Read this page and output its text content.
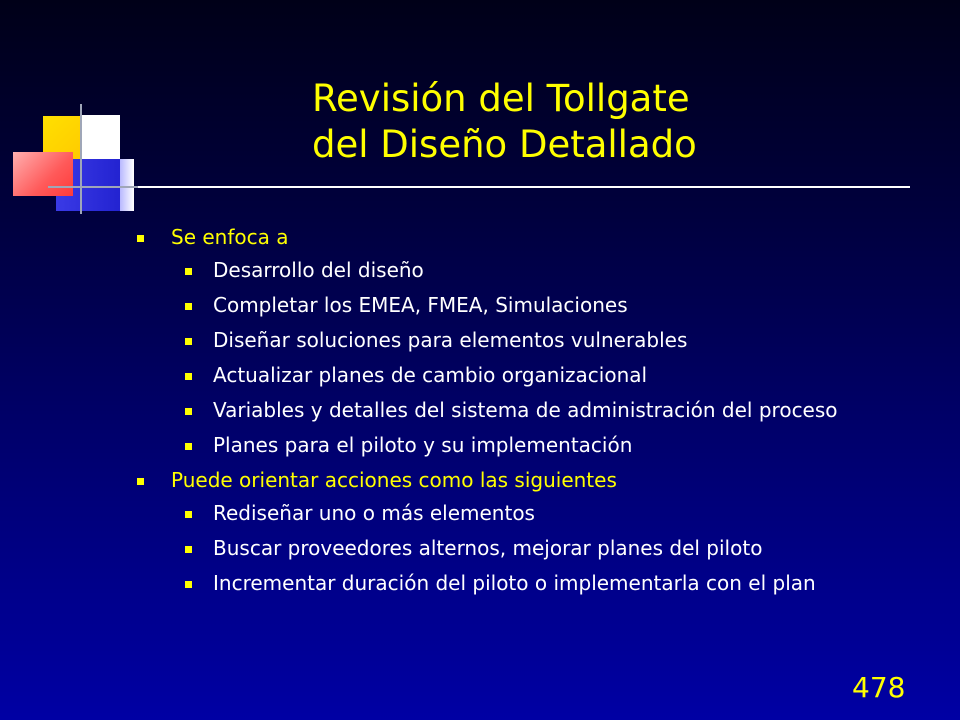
Revisión del Tollgate
del Diseño Detallado
Se enfoca a
Desarrollo del diseño
Completar los EMEA, FMEA, Simulaciones
Diseñar soluciones para elementos vulnerables
Actualizar planes de cambio organizacional
Variables y detalles del sistema de administración del proceso
Planes para el piloto y su implementación
Puede orientar acciones como las siguientes
Rediseñar uno o más elementos
Buscar proveedores alternos, mejorar planes del piloto
Incrementar duración del piloto o implementarla con el plan
478
